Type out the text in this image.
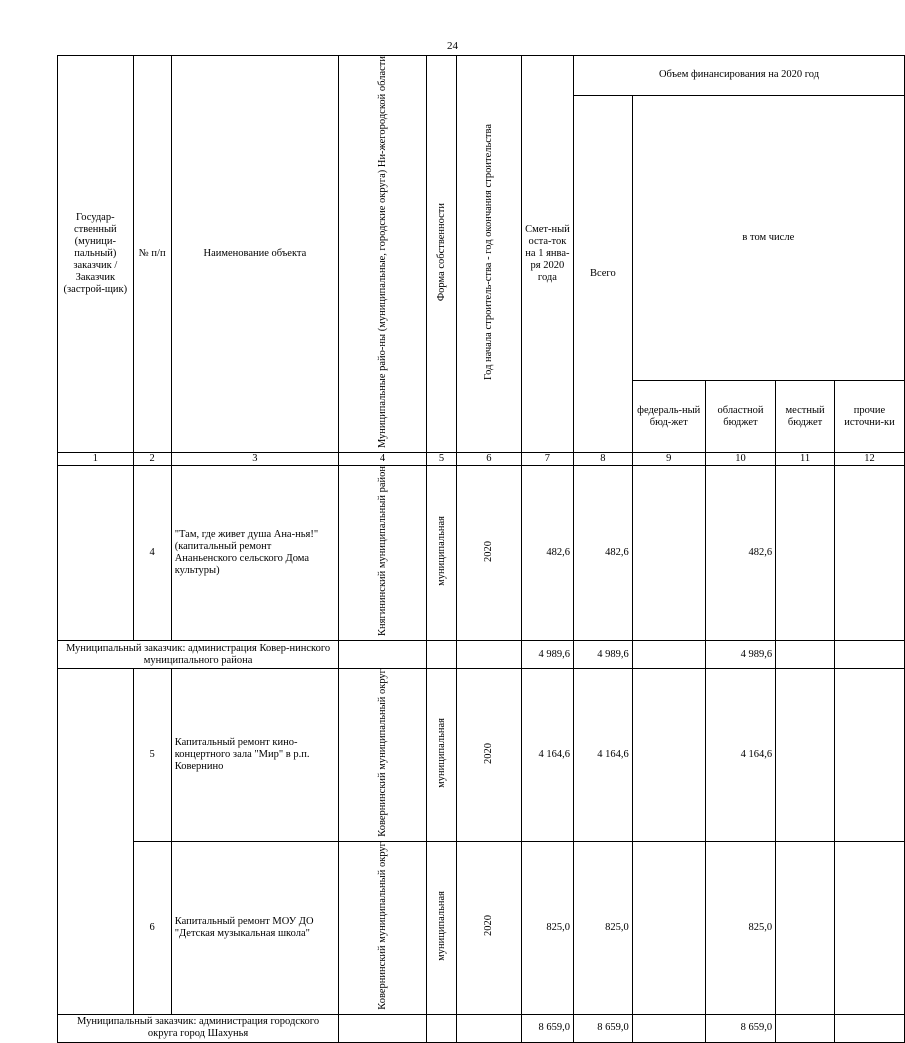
24
Государ-ственный (муници-пальный) заказчик / Заказчик (застрой-щик)	№ п/п	Наименование объекта	Муниципальные райо-ны (муниципальные, городские округа) Ни-жегородской области	Форма собственности	Год начала строитель-ства - год окончания строительства	Смет-ный оста-ток на 1 янва-ря 2020 года	Объем финансирования на 2020 год				
							Всего	в том числе			
								федераль-ный бюд-жет	областной бюджет	местный бюджет	прочие источни-ки
1	2	3	4	5	6	7	8	9	10	11	12
	4	"Там, где живет душа Ана-нья!" (капитальный ремонт Ананьенского сельского Дома культуры)	Княгининский муниципальный район	муниципальная	2020	482,6	482,6		482,6		
Муниципальный заказчик: администрация Ковер-нинского муниципального района						4 989,6	4 989,6		4 989,6		
	5	Капитальный ремонт кино-концертного зала "Мир" в р.п. Ковернино	Ковернинский муниципальный округ	муниципальная	2020	4 164,6	4 164,6		4 164,6		
	6	Капитальный ремонт МОУ ДО "Детская музыкальная школа"	Ковернинский муниципальный округ	муниципальная	2020	825,0	825,0		825,0		
Муниципальный заказчик: администрация городского округа город Шахунья						8 659,0	8 659,0		8 659,0		
